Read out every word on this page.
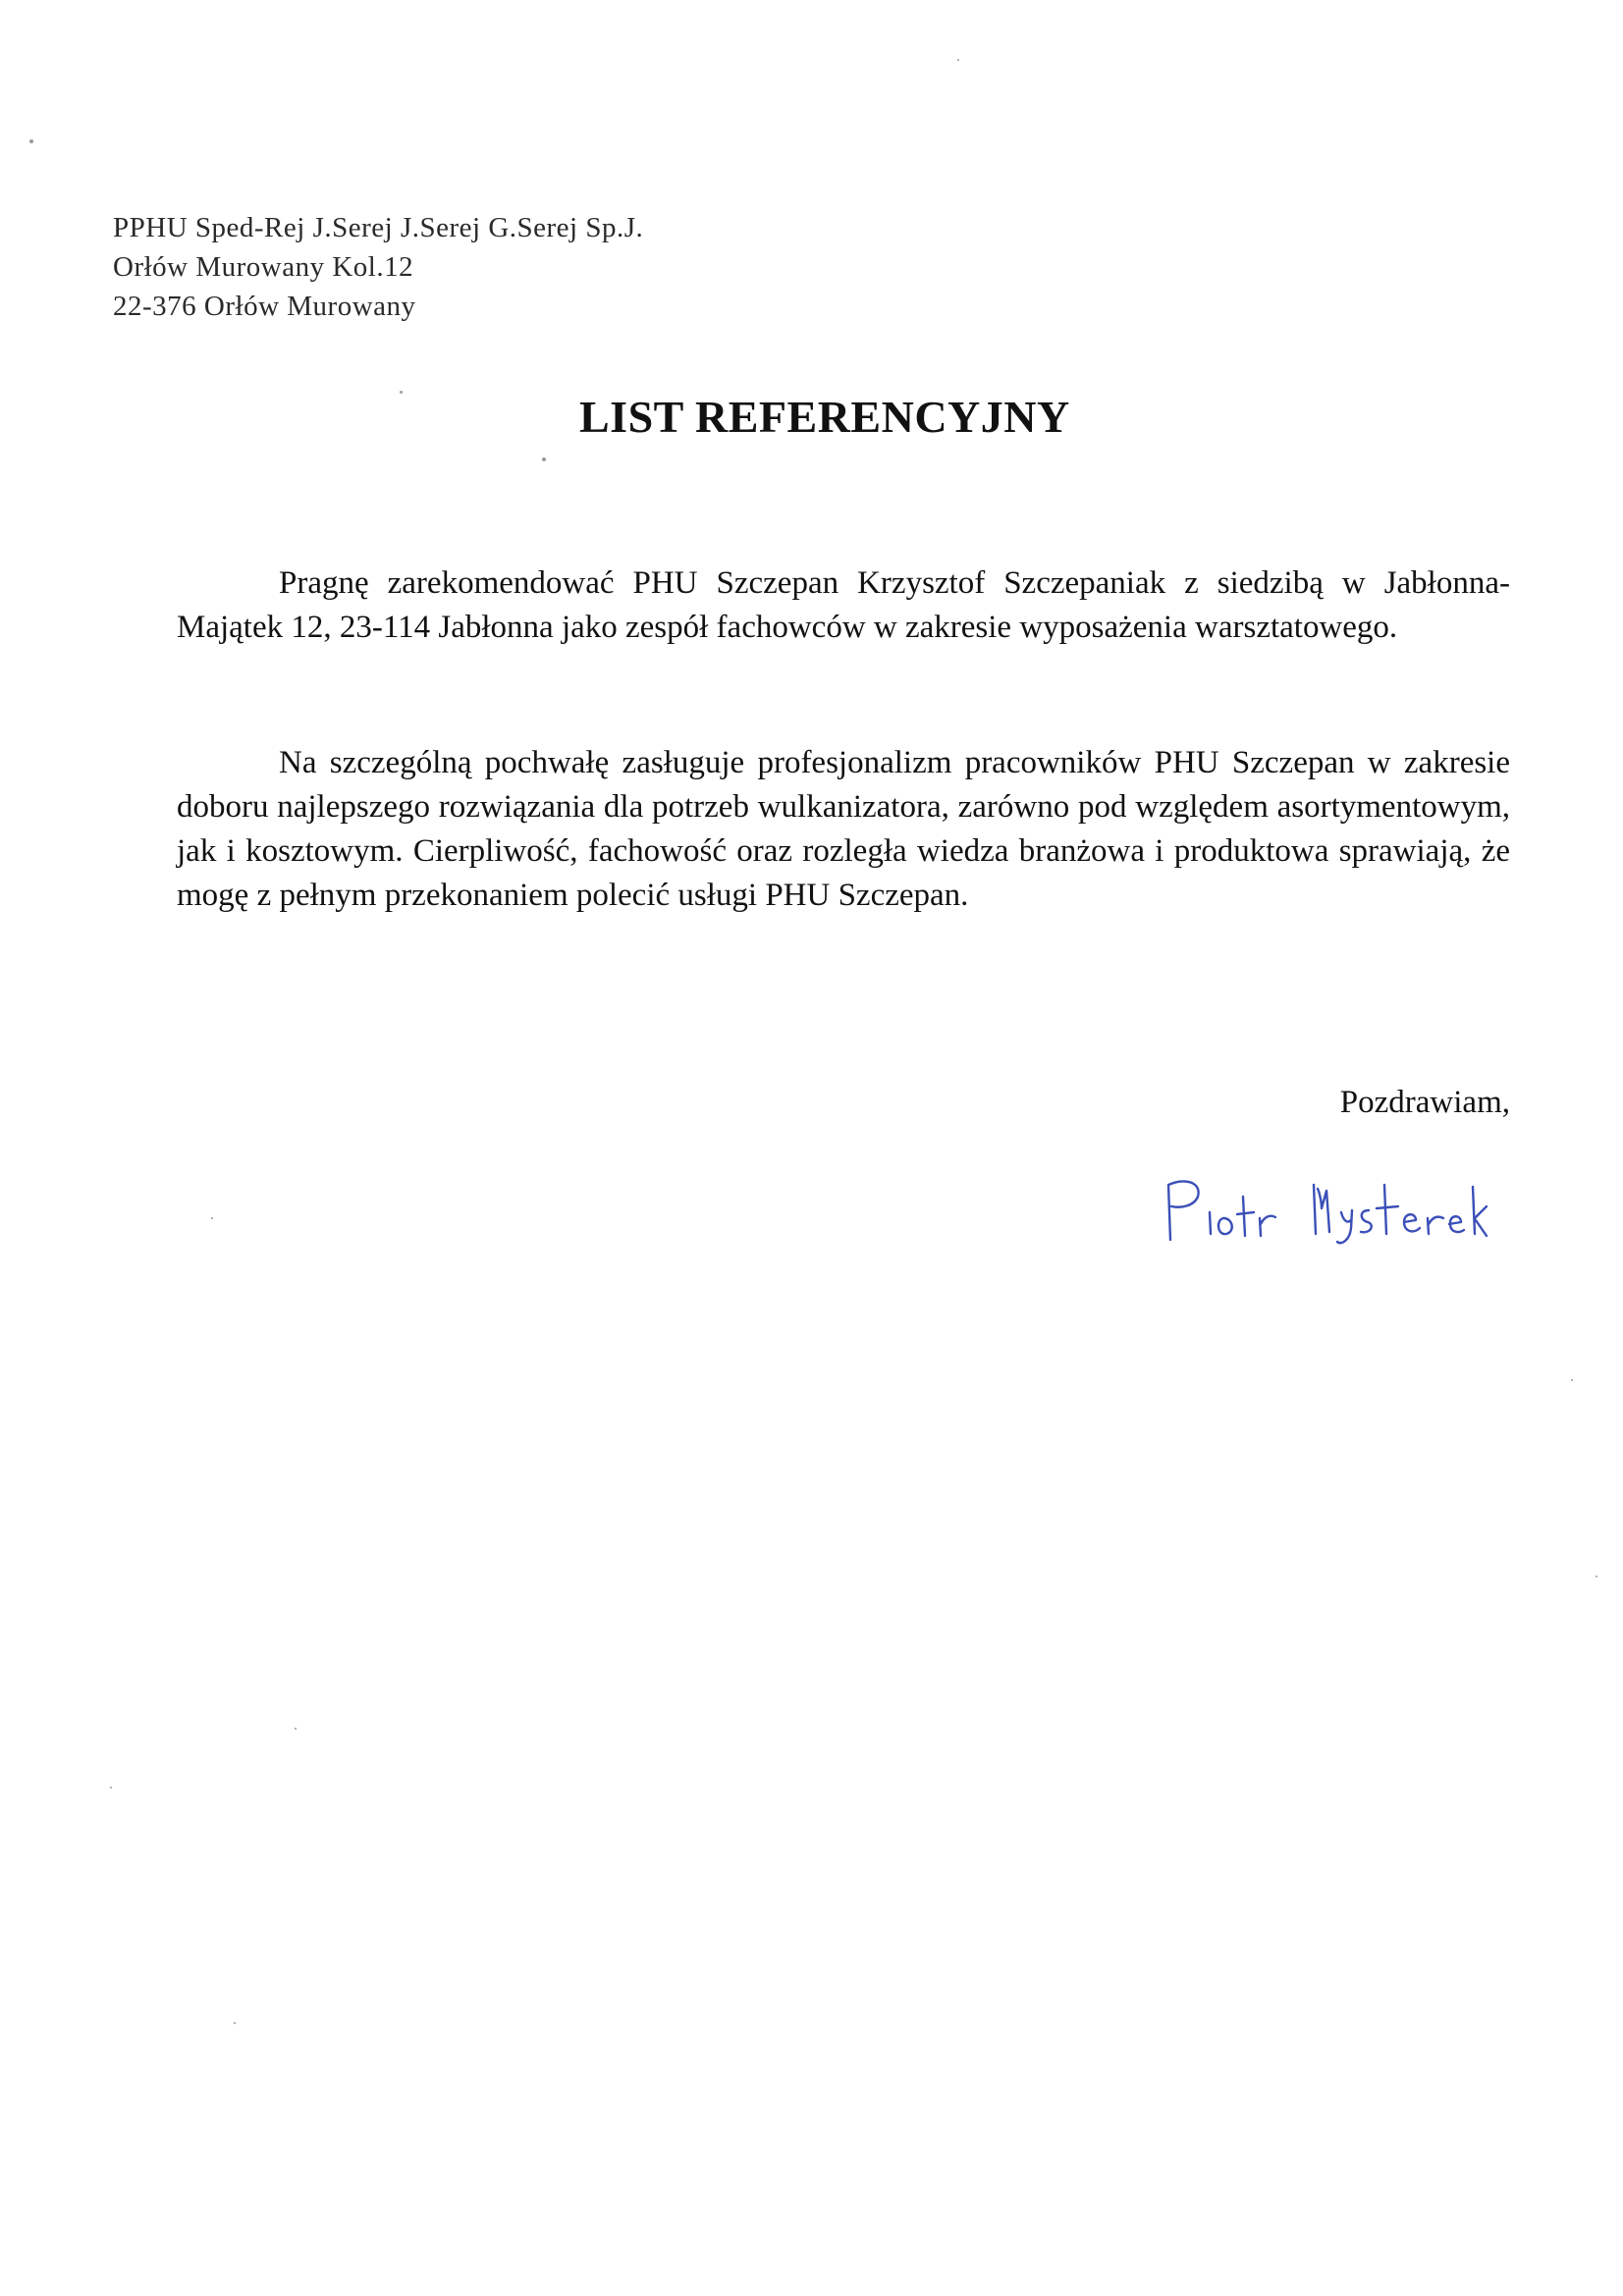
PPHU Sped-Rej J.Serej J.Serej G.Serej Sp.J.
Orłów Murowany Kol.12
22-376 Orłów Murowany
LIST REFERENCYJNY
Pragnę zarekomendować PHU Szczepan Krzysztof Szczepaniak z siedzibą w Jabłonna-Majątek 12, 23-114 Jabłonna jako zespół fachowców w zakresie wyposażenia warsztatowego.
Na szczególną pochwałę zasługuje profesjonalizm pracowników PHU Szczepan w zakresie doboru najlepszego rozwiązania dla potrzeb wulkanizatora, zarówno pod względem asortymentowym, jak i kosztowym. Cierpliwość, fachowość oraz rozległa wiedza branżowa i produktowa sprawiają, że mogę z pełnym przekonaniem polecić usługi PHU Szczepan.
Pozdrawiam,
